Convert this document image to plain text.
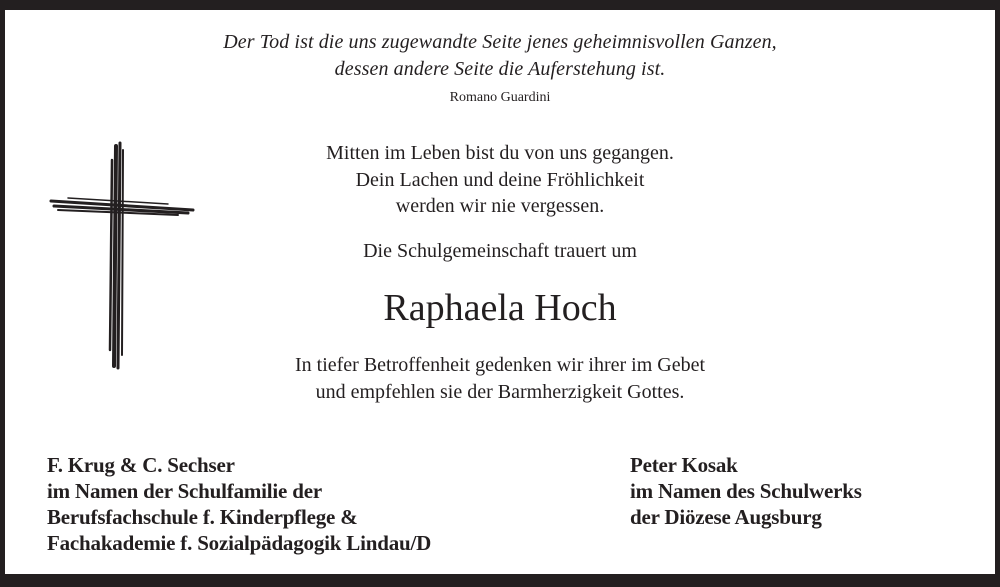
Der Tod ist die uns zugewandte Seite jenes geheimnisvollen Ganzen,
dessen andere Seite die Auferstehung ist.
Romano Guardini
Mitten im Leben bist du von uns gegangen.
Dein Lachen und deine Fröhlichkeit
werden wir nie vergessen.
Die Schulgemeinschaft trauert um
Raphaela Hoch
In tiefer Betroffenheit gedenken wir ihrer im Gebet
und empfehlen sie der Barmherzigkeit Gottes.
F. Krug & C. Sechser
im Namen der Schulfamilie der
Berufsfachschule f. Kinderpflege &
Fachakademie f. Sozialpädagogik Lindau/D
Peter Kosak
im Namen des Schulwerks
der Diözese Augsburg
